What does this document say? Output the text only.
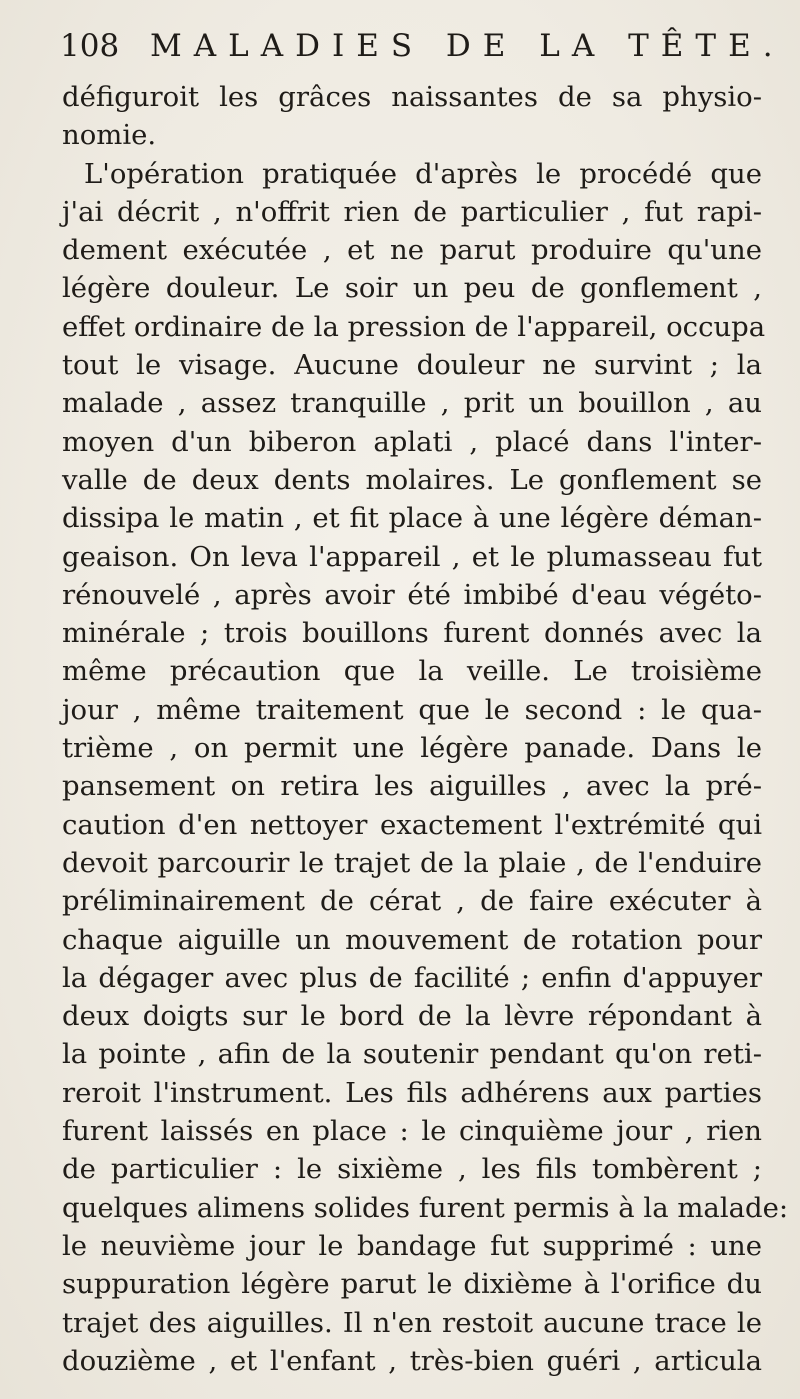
108 MALADIES DE LA TÊTE.
défiguroit les grâces naissantes de sa physio-
nomie.
L'opération pratiquée d'après le procédé que
j'ai décrit , n'offrit rien de particulier , fut rapi-
dement exécutée , et ne parut produire qu'une
légère douleur. Le soir un peu de gonflement ,
effet ordinaire de la pression de l'appareil, occupa
tout le visage. Aucune douleur ne survint ; la
malade , assez tranquille , prit un bouillon , au
moyen d'un biberon aplati , placé dans l'inter-
valle de deux dents molaires. Le gonflement se
dissipa le matin , et fit place à une légère déman-
geaison. On leva l'appareil , et le plumasseau fut
rénouvelé , après avoir été imbibé d'eau végéto-
minérale ; trois bouillons furent donnés avec la
même précaution que la veille. Le troisième
jour , même traitement que le second : le qua-
trième , on permit une légère panade. Dans le
pansement on retira les aiguilles , avec la pré-
caution d'en nettoyer exactement l'extrémité qui
devoit parcourir le trajet de la plaie , de l'enduire
préliminairement de cérat , de faire exécuter à
chaque aiguille un mouvement de rotation pour
la dégager avec plus de facilité ; enfin d'appuyer
deux doigts sur le bord de la lèvre répondant à
la pointe , afin de la soutenir pendant qu'on reti-
reroit l'instrument. Les fils adhérens aux parties
furent laissés en place : le cinquième jour , rien
de particulier : le sixième , les fils tombèrent ;
quelques alimens solides furent permis à la malade:
le neuvième jour le bandage fut supprimé : une
suppuration légère parut le dixième à l'orifice du
trajet des aiguilles. Il n'en restoit aucune trace le
douzième , et l'enfant , très-bien guéri , articula
